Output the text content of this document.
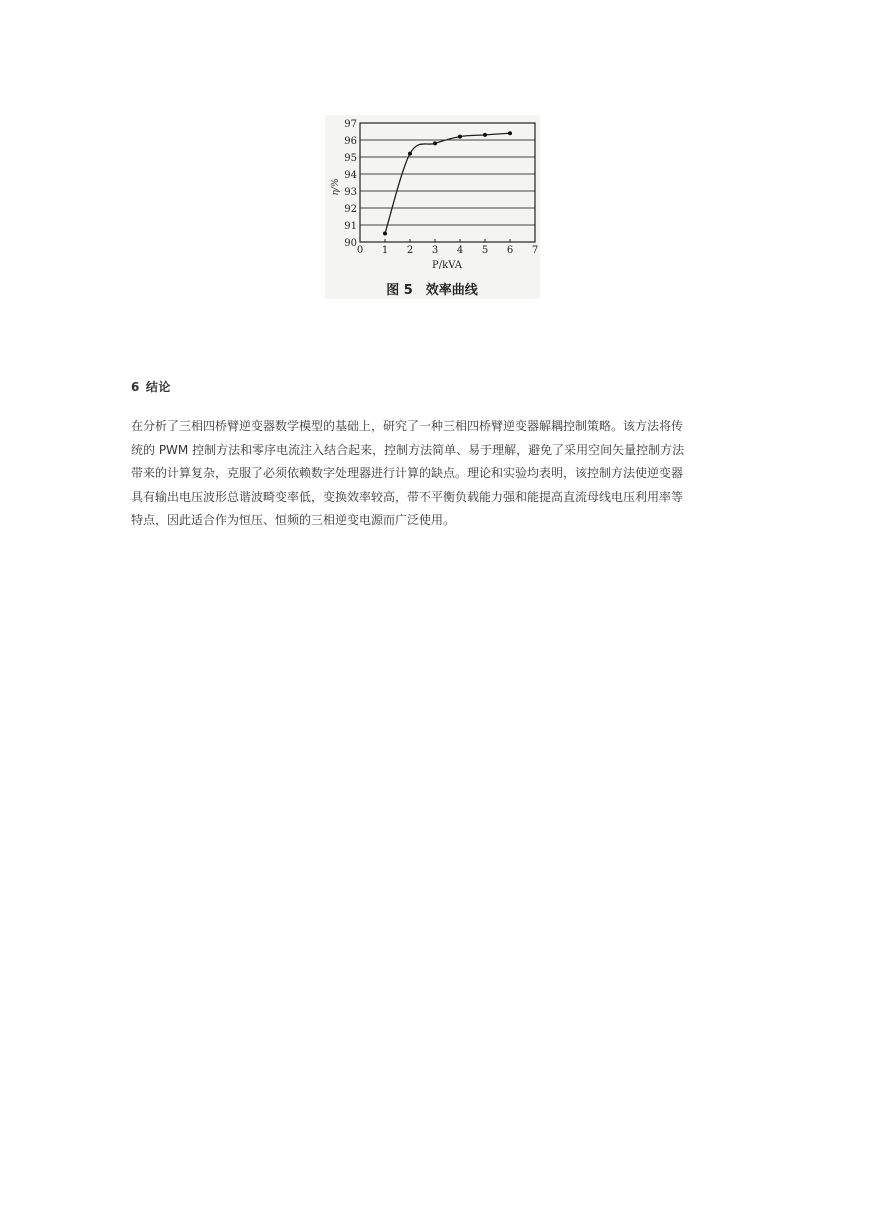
90
91
92
93
94
95
96
97
0 1 2 3 4 5 6 7
η/%
P/kVA
图 5　效率曲线
6 结论

在分析了三相四桥臂逆变器数学模型的基础上，研究了一种三相四桥臂逆变器解耦控制策略。该方法将传
统的 PWM 控制方法和零序电流注入结合起来，控制方法简单、易于理解，避免了采用空间矢量控制方法
带来的计算复杂，克服了必须依赖数字处理器进行计算的缺点。理论和实验均表明，该控制方法使逆变器
具有输出电压波形总谐波畸变率低，变换效率较高，带不平衡负载能力强和能提高直流母线电压利用率等
特点，因此适合作为恒压、恒频的三相逆变电源而广泛使用。
